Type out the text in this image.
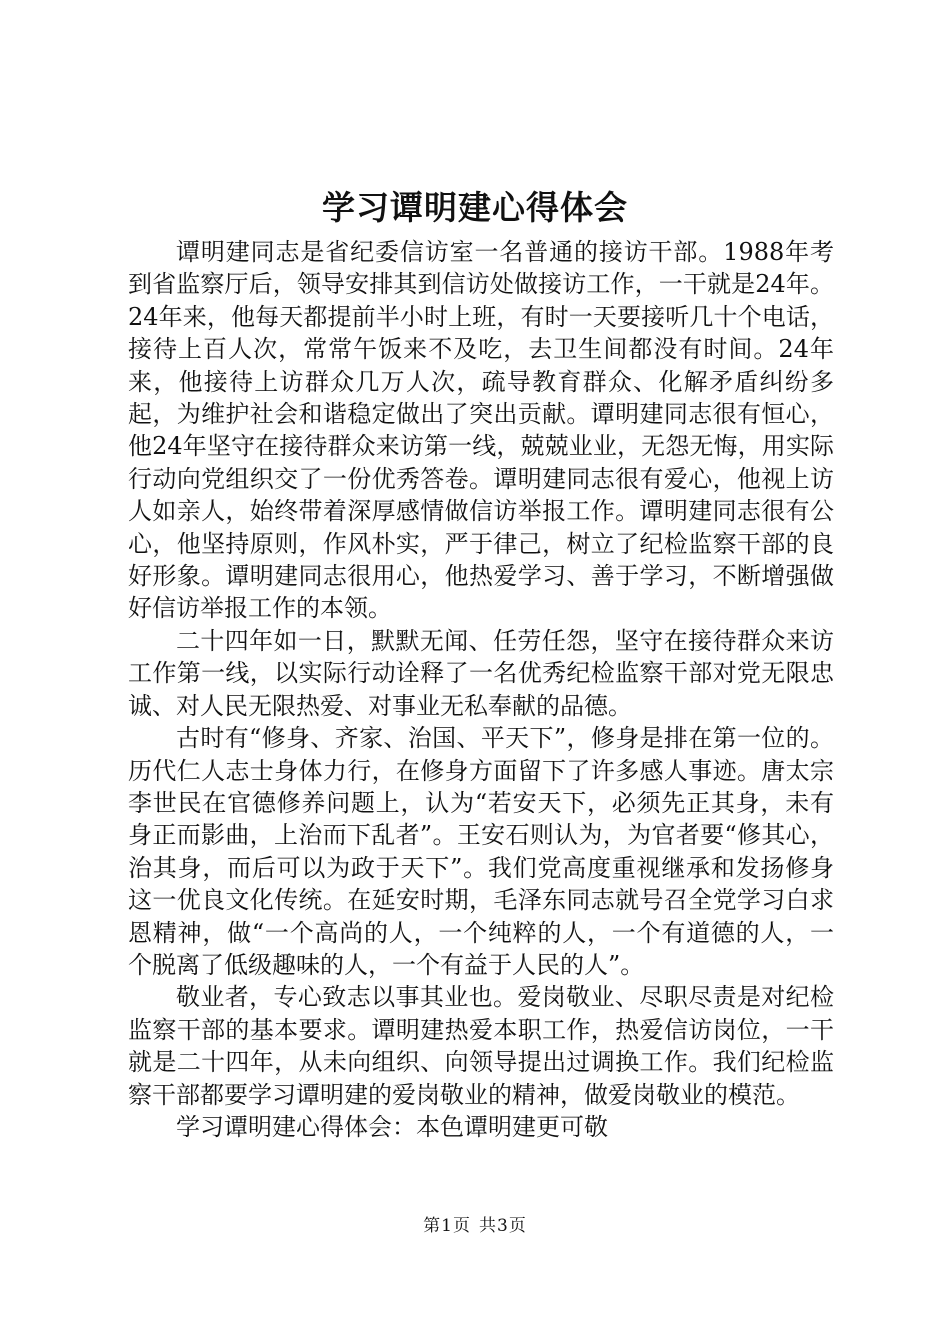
学习谭明建心得体会

谭明建同志是省纪委信访室一名普通的接访干部。1988年考到省监察厅后，领导安排其到信访处做接访工作，一干就是24年。24年来，他每天都提前半小时上班，有时一天要接听几十个电话，接待上百人次，常常午饭来不及吃，去卫生间都没有时间。24年来，他接待上访群众几万人次，疏导教育群众、化解矛盾纠纷多起，为维护社会和谐稳定做出了突出贡献。谭明建同志很有恒心，他24年坚守在接待群众来访第一线，兢兢业业，无怨无悔，用实际行动向党组织交了一份优秀答卷。谭明建同志很有爱心，他视上访人如亲人，始终带着深厚感情做信访举报工作。谭明建同志很有公心，他坚持原则，作风朴实，严于律己，树立了纪检监察干部的良好形象。谭明建同志很用心，他热爱学习、善于学习，不断增强做好信访举报工作的本领。

二十四年如一日，默默无闻、任劳任怨，坚守在接待群众来访工作第一线，以实际行动诠释了一名优秀纪检监察干部对党无限忠诚、对人民无限热爱、对事业无私奉献的品德。

古时有“修身、齐家、治国、平天下”，修身是排在第一位的。历代仁人志士身体力行，在修身方面留下了许多感人事迹。唐太宗李世民在官德修养问题上，认为“若安天下，必须先正其身，未有身正而影曲，上治而下乱者”。王安石则认为，为官者要“修其心，治其身，而后可以为政于天下”。我们党高度重视继承和发扬修身这一优良文化传统。在延安时期，毛泽东同志就号召全党学习白求恩精神，做“一个高尚的人，一个纯粹的人，一个有道德的人，一个脱离了低级趣味的人，一个有益于人民的人”。

敬业者，专心致志以事其业也。爱岗敬业、尽职尽责是对纪检监察干部的基本要求。谭明建热爱本职工作，热爱信访岗位，一干就是二十四年，从未向组织、向领导提出过调换工作。我们纪检监察干部都要学习谭明建的爱岗敬业的精神，做爱岗敬业的模范。

学习谭明建心得体会：本色谭明建更可敬

第1页 共3页
